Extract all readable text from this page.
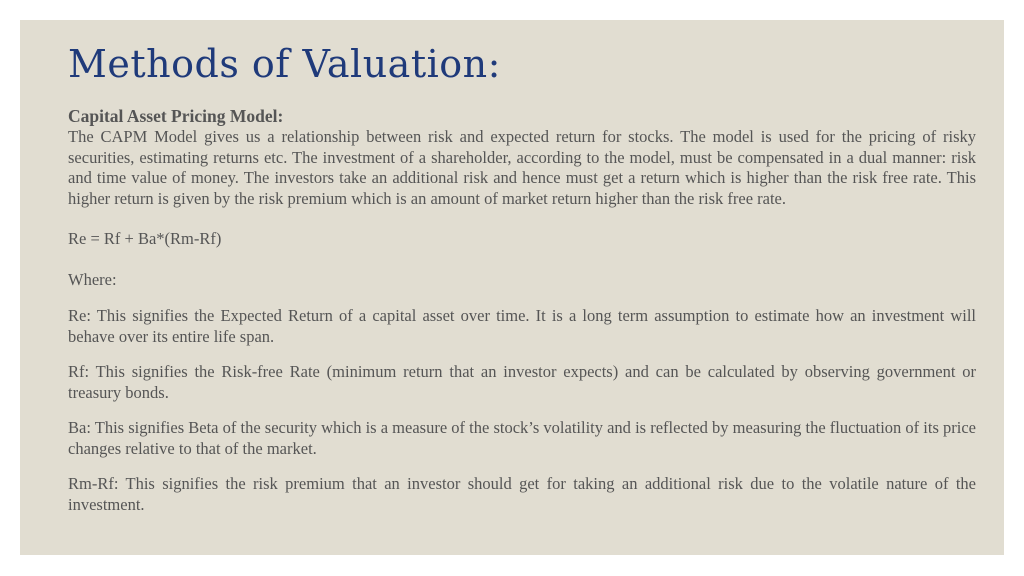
Methods of Valuation:

Capital Asset Pricing Model:

The CAPM Model gives us a relationship between risk and expected return for stocks. The model is used for the pricing of risky securities, estimating returns etc. The investment of a shareholder, according to the model, must be compensated in a dual manner: risk and time value of money. The investors take an additional risk and hence must get a return which is higher than the risk free rate. This higher return is given by the risk premium which is an amount of market return higher than the risk free rate.

Re = Rf + Ba*(Rm-Rf)

Where:

Re: This signifies the Expected Return of a capital asset over time. It is a long term assumption to estimate how an investment will behave over its entire life span.

Rf: This signifies the Risk-free Rate (minimum return that an investor expects) and can be calculated by observing government or treasury bonds.

Ba: This signifies Beta of the security which is a measure of the stock’s volatility and is reflected by measuring the fluctuation of its price changes relative to that of the market.

Rm-Rf: This signifies the risk premium that an investor should get for taking an additional risk due to the volatile nature of the investment.
